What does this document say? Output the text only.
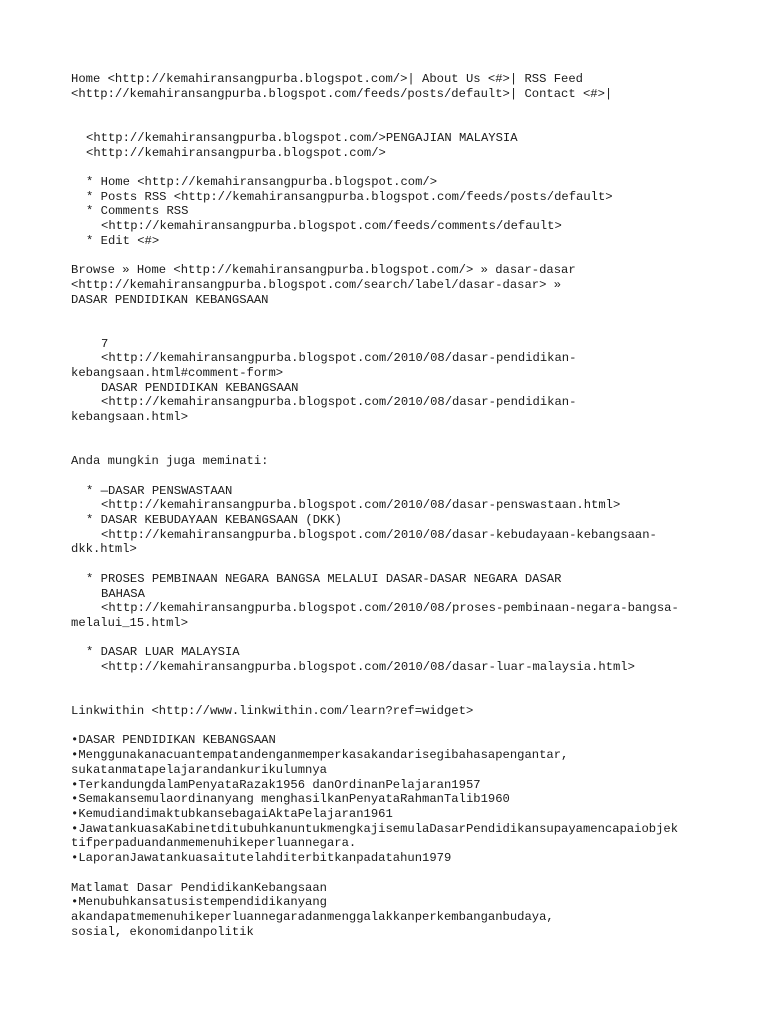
Home <http://kemahiransangpurba.blogspot.com/>| About Us <#>| RSS Feed

<http://kemahiransangpurba.blogspot.com/feeds/posts/default>| Contact <#>|

<http://kemahiransangpurba.blogspot.com/>PENGAJIAN MALAYSIA

<http://kemahiransangpurba.blogspot.com/>

* Home <http://kemahiransangpurba.blogspot.com/>

* Posts RSS <http://kemahiransangpurba.blogspot.com/feeds/posts/default>

* Comments RSS

<http://kemahiransangpurba.blogspot.com/feeds/comments/default>

* Edit <#>

Browse » Home <http://kemahiransangpurba.blogspot.com/> » dasar-dasar

<http://kemahiransangpurba.blogspot.com/search/label/dasar-dasar> »

DASAR PENDIDIKAN KEBANGSAAN

7

<http://kemahiransangpurba.blogspot.com/2010/08/dasar-pendidikan-

kebangsaan.html#comment-form>

DASAR PENDIDIKAN KEBANGSAAN

<http://kemahiransangpurba.blogspot.com/2010/08/dasar-pendidikan-

kebangsaan.html>

Anda mungkin juga meminati:

* —DASAR PENSWASTAAN

<http://kemahiransangpurba.blogspot.com/2010/08/dasar-penswastaan.html>

* DASAR KEBUDAYAAN KEBANGSAAN (DKK)

<http://kemahiransangpurba.blogspot.com/2010/08/dasar-kebudayaan-kebangsaan-

dkk.html>

* PROSES PEMBINAAN NEGARA BANGSA MELALUI DASAR-DASAR NEGARA DASAR

BAHASA

<http://kemahiransangpurba.blogspot.com/2010/08/proses-pembinaan-negara-bangsa-

melalui_15.html>

* DASAR LUAR MALAYSIA

<http://kemahiransangpurba.blogspot.com/2010/08/dasar-luar-malaysia.html>

Linkwithin <http://www.linkwithin.com/learn?ref=widget>

•DASAR PENDIDIKAN KEBANGSAAN

•Menggunakanacuantempatandenganmemperkasakandarisegibahasapengantar,

sukatanmatapelajarandankurikulumnya

•TerkandungdalamPenyataRazak1956 danOrdinanPelajaran1957

•Semakansemulaordinanyang menghasilkanPenyataRahmanTalib1960

•KemudiandimaktubkansebagaiAktaPelajaran1961

•JawatankuasaKabinetditubuhkanuntukmengkajisemulaDasarPendidikansupayamencapaiobjek

tifperpaduandanmemenuhikeperluannegara.

•LaporanJawatankuasaitutelahditerbitkanpadatahun1979

Matlamat Dasar PendidikanKebangsaan

•Menubuhkansatusistempendidikanyang

akandapatmemenuhikeperluannegaradanmenggalakkanperkembanganbudaya,

sosial, ekonomidanpolitik
